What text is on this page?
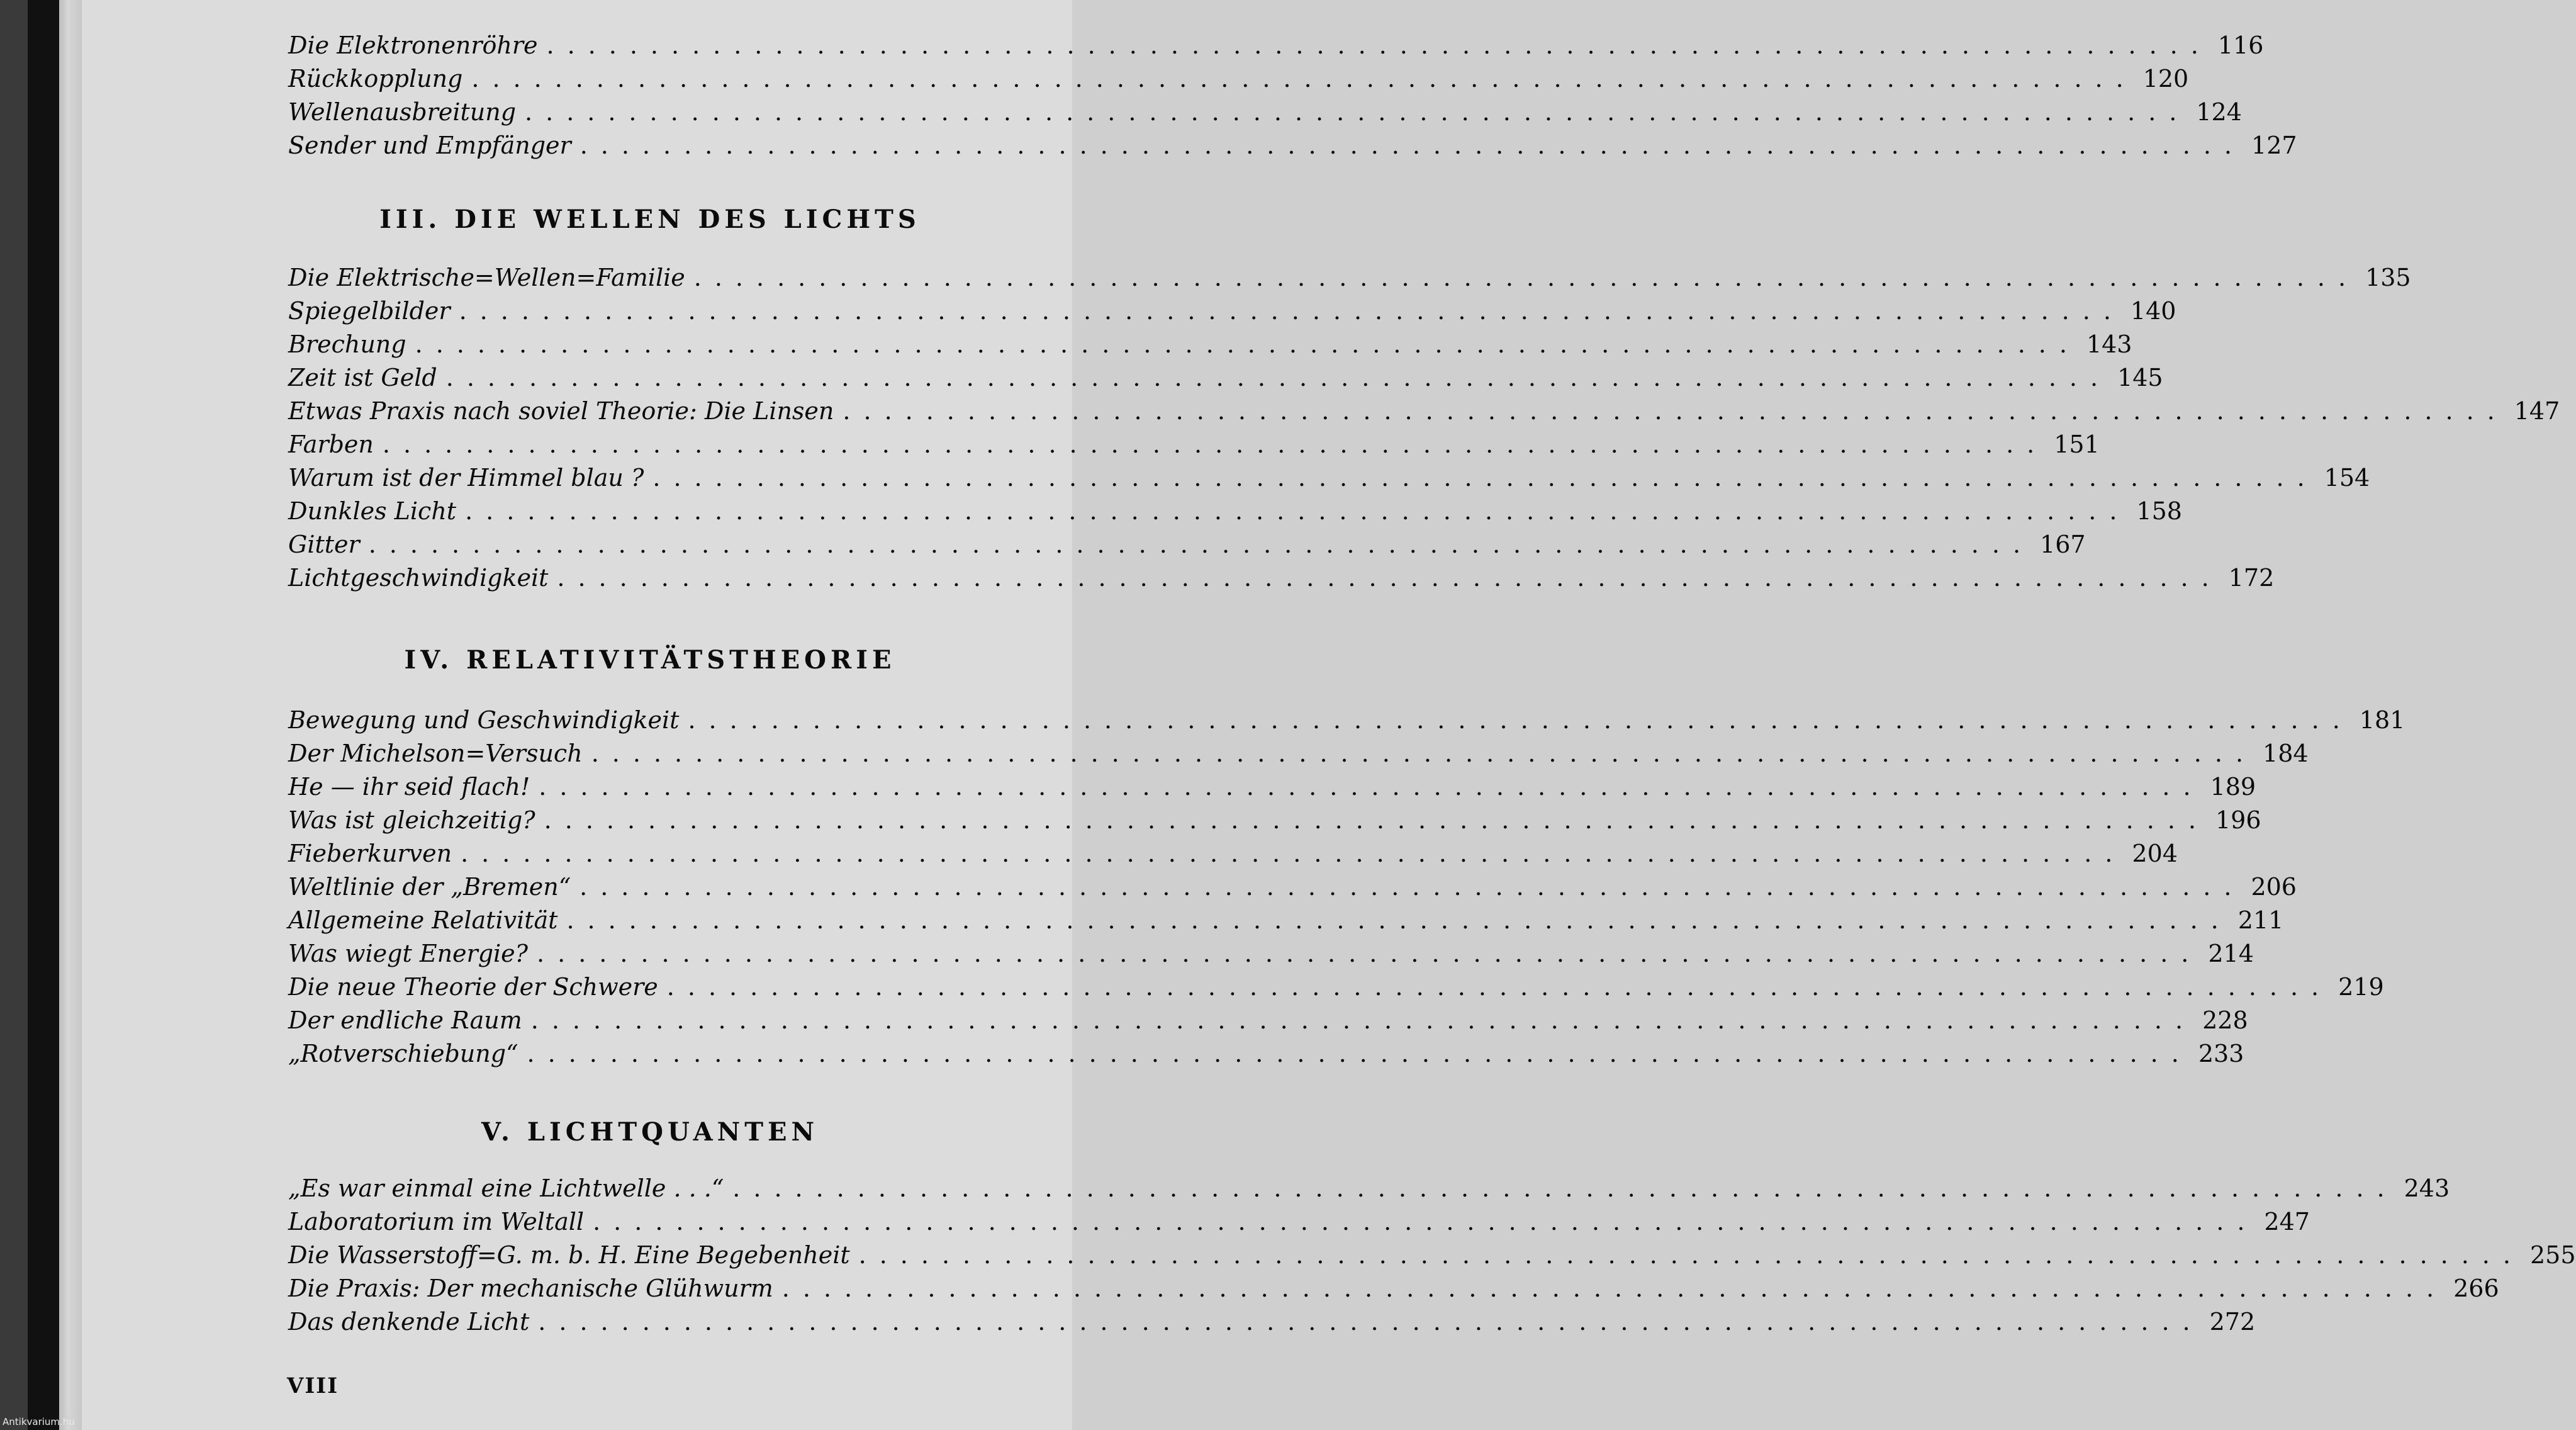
Die Elektronenröhre ................................................................................ 116
Rückkopplung ................................................................................ 120
Wellenausbreitung ................................................................................ 124
Sender und Empfänger ................................................................................ 127
III. DIE WELLEN DES LICHTS
Die Elektrische=Wellen=Familie ................................................................................ 135
Spiegelbilder ................................................................................ 140
Brechung ................................................................................ 143
Zeit ist Geld ................................................................................ 145
Etwas Praxis nach soviel Theorie: Die Linsen ................................................................................ 147
Farben ................................................................................ 151
Warum ist der Himmel blau ? ................................................................................ 154
Dunkles Licht ................................................................................ 158
Gitter ................................................................................ 167
Lichtgeschwindigkeit ................................................................................ 172
IV. RELATIVITÄTSTHEORIE
Bewegung und Geschwindigkeit ................................................................................ 181
Der Michelson=Versuch ................................................................................ 184
He — ihr seid flach! ................................................................................ 189
Was ist gleichzeitig? ................................................................................ 196
Fieberkurven ................................................................................ 204
Weltlinie der „Bremen“ ................................................................................ 206
Allgemeine Relativität ................................................................................ 211
Was wiegt Energie? ................................................................................ 214
Die neue Theorie der Schwere ................................................................................ 219
Der endliche Raum ................................................................................ 228
„Rotverschiebung“ ................................................................................ 233
V. LICHTQUANTEN
„Es war einmal eine Lichtwelle . . .“ ................................................................................ 243
Laboratorium im Weltall ................................................................................ 247
Die Wasserstoff=G. m. b. H. Eine Begebenheit ................................................................................ 255
Die Praxis: Der mechanische Glühwurm ................................................................................ 266
Das denkende Licht ................................................................................ 272
VIII
Antikvarium.hu
